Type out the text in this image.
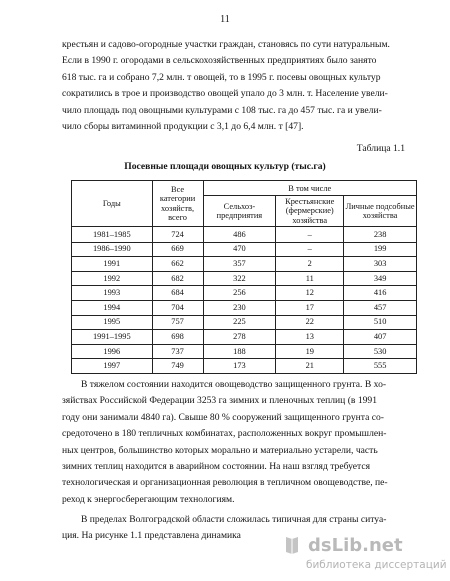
11

крестьян и садово-огородные участки граждан, становясь по сути натуральным.
Если в 1990 г. огородами в сельскохозяйственных предприятиях было занято
618 тыс. га и собрано 7,2 млн. т овощей, то в 1995 г. посевы овощных культур
сократились в трое и производство овощей упало до 3 млн. т. Население увели-
чило площадь под овощными культурами с 108 тыс. га до 457 тыс. га и увели-
чило сборы витаминной продукции с 3,1 до 6,4 млн. т [47].

Таблица 1.1
Посевные площади овощных культур (тыс.га)
Годы	Все категории хозяйств, всего	В том числе		
		Сельхоз-предприятия	Крестьянские (фермерские) хозяйства	Личные подсобные хозяйства
1981–1985	724	486	–	238
1986–1990	669	470	–	199
1991	662	357	2	303
1992	682	322	11	349
1993	684	256	12	416
1994	704	230	17	457
1995	757	225	22	510
1991–1995	698	278	13	407
1996	737	188	19	530
1997	749	173	21	555

В тяжелом состоянии находится овощеводство защищенного грунта. В хо-
зяйствах Российской Федерации 3253 га зимних и пленочных теплиц (в 1991
году они занимали 4840 га). Свыше 80 % сооружений защищенного грунта со-
средоточено в 180 тепличных комбинатах, расположенных вокруг промышлен-
ных центров, большинство которых морально и материально устарели, часть
зимних теплиц находится в аварийном состоянии. На наш взгляд требуется
технологическая и организационная революция в тепличном овощеводстве, пе-
реход к энергосберегающим технологиям.

В пределах Волгоградской области сложилась типичная для страны ситуа-
ция. На рисунке 1.1 представлена динамика	dsLib.net
библиотека диссертаций
